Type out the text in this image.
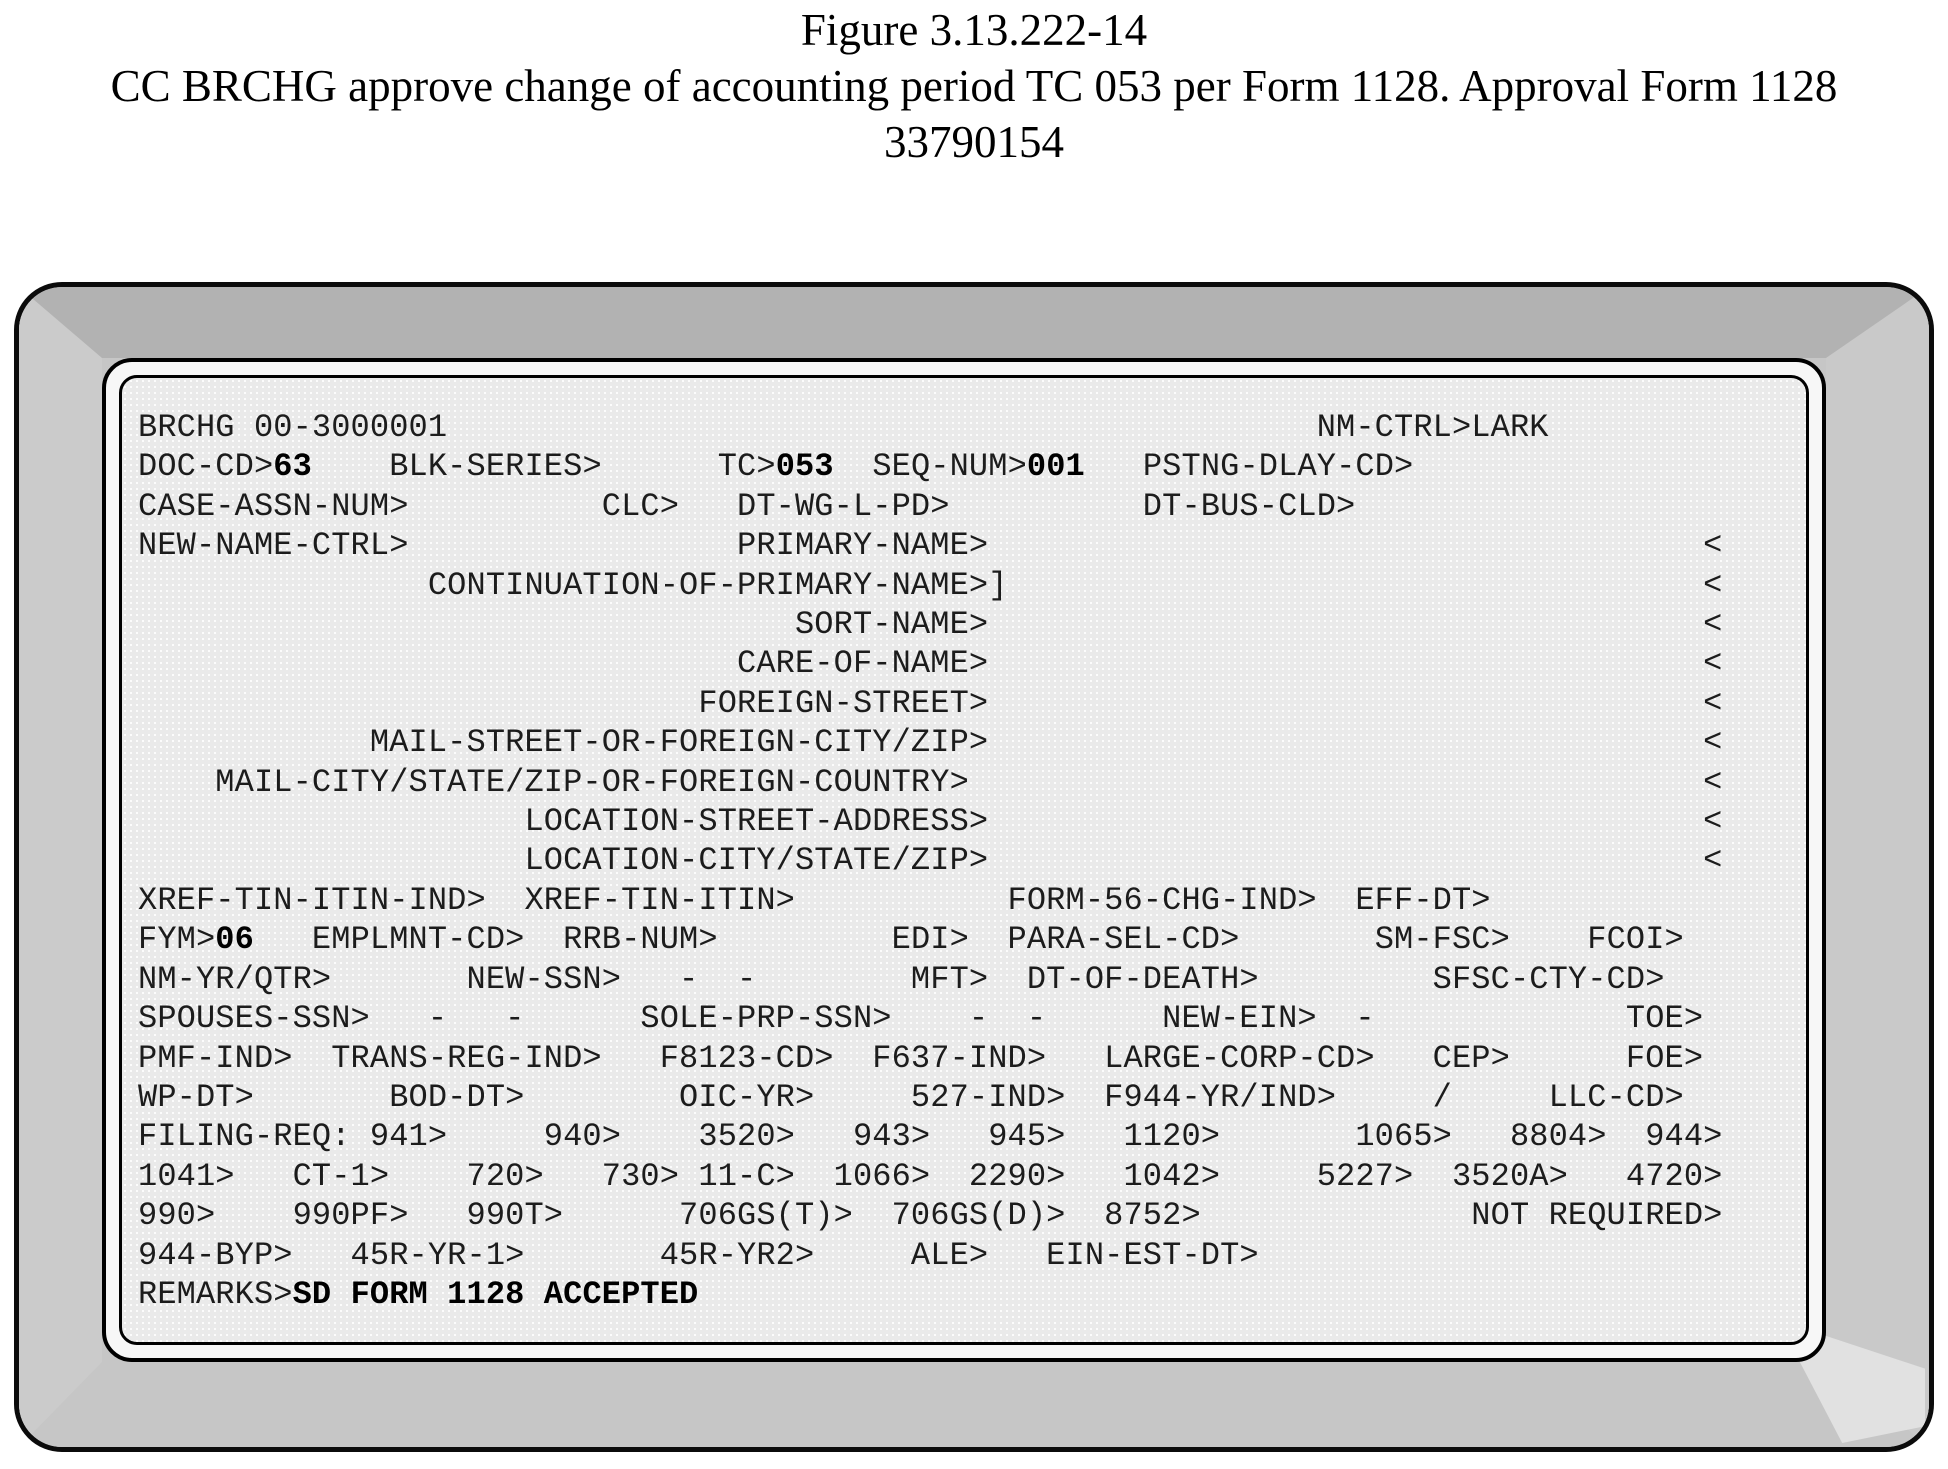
Figure 3.13.222-14
CC BRCHG approve change of accounting period TC 053 per Form 1128. Approval Form 1128
33790154
BRCHG 00-3000001                                             NM-CTRL>LARK
DOC-CD>63    BLK-SERIES>      TC>053  SEQ-NUM>001   PSTNG-DLAY-CD>
CASE-ASSN-NUM>          CLC>   DT-WG-L-PD>          DT-BUS-CLD>
NEW-NAME-CTRL>                 PRIMARY-NAME>                                     <
CONTINUATION-OF-PRIMARY-NAME>]                                    <
SORT-NAME>                                     <
CARE-OF-NAME>                                     <
FOREIGN-STREET>                                     <
MAIL-STREET-OR-FOREIGN-CITY/ZIP>                                     <
MAIL-CITY/STATE/ZIP-OR-FOREIGN-COUNTRY>                                      <
LOCATION-STREET-ADDRESS>                                     <
LOCATION-CITY/STATE/ZIP>                                     <
XREF-TIN-ITIN-IND>  XREF-TIN-ITIN>           FORM-56-CHG-IND>  EFF-DT>
FYM>06   EMPLMNT-CD>  RRB-NUM>         EDI>  PARA-SEL-CD>       SM-FSC>    FCOI>
NM-YR/QTR>       NEW-SSN>   -  -        MFT>  DT-OF-DEATH>         SFSC-CTY-CD>
SPOUSES-SSN>   -   -      SOLE-PRP-SSN>    -  -      NEW-EIN>  -             TOE>
PMF-IND>  TRANS-REG-IND>   F8123-CD>  F637-IND>   LARGE-CORP-CD>   CEP>      FOE>
WP-DT>       BOD-DT>        OIC-YR>     527-IND>  F944-YR/IND>     /     LLC-CD>
FILING-REQ: 941>     940>    3520>   943>   945>   1120>       1065>   8804>  944>
1041>   CT-1>    720>   730> 11-C>  1066>  2290>   1042>     5227>  3520A>   4720>
990>    990PF>   990T>      706GS(T)>  706GS(D)>  8752>              NOT REQUIRED>
944-BYP>   45R-YR-1>       45R-YR2>     ALE>   EIN-EST-DT>
REMARKS>SD FORM 1128 ACCEPTED
